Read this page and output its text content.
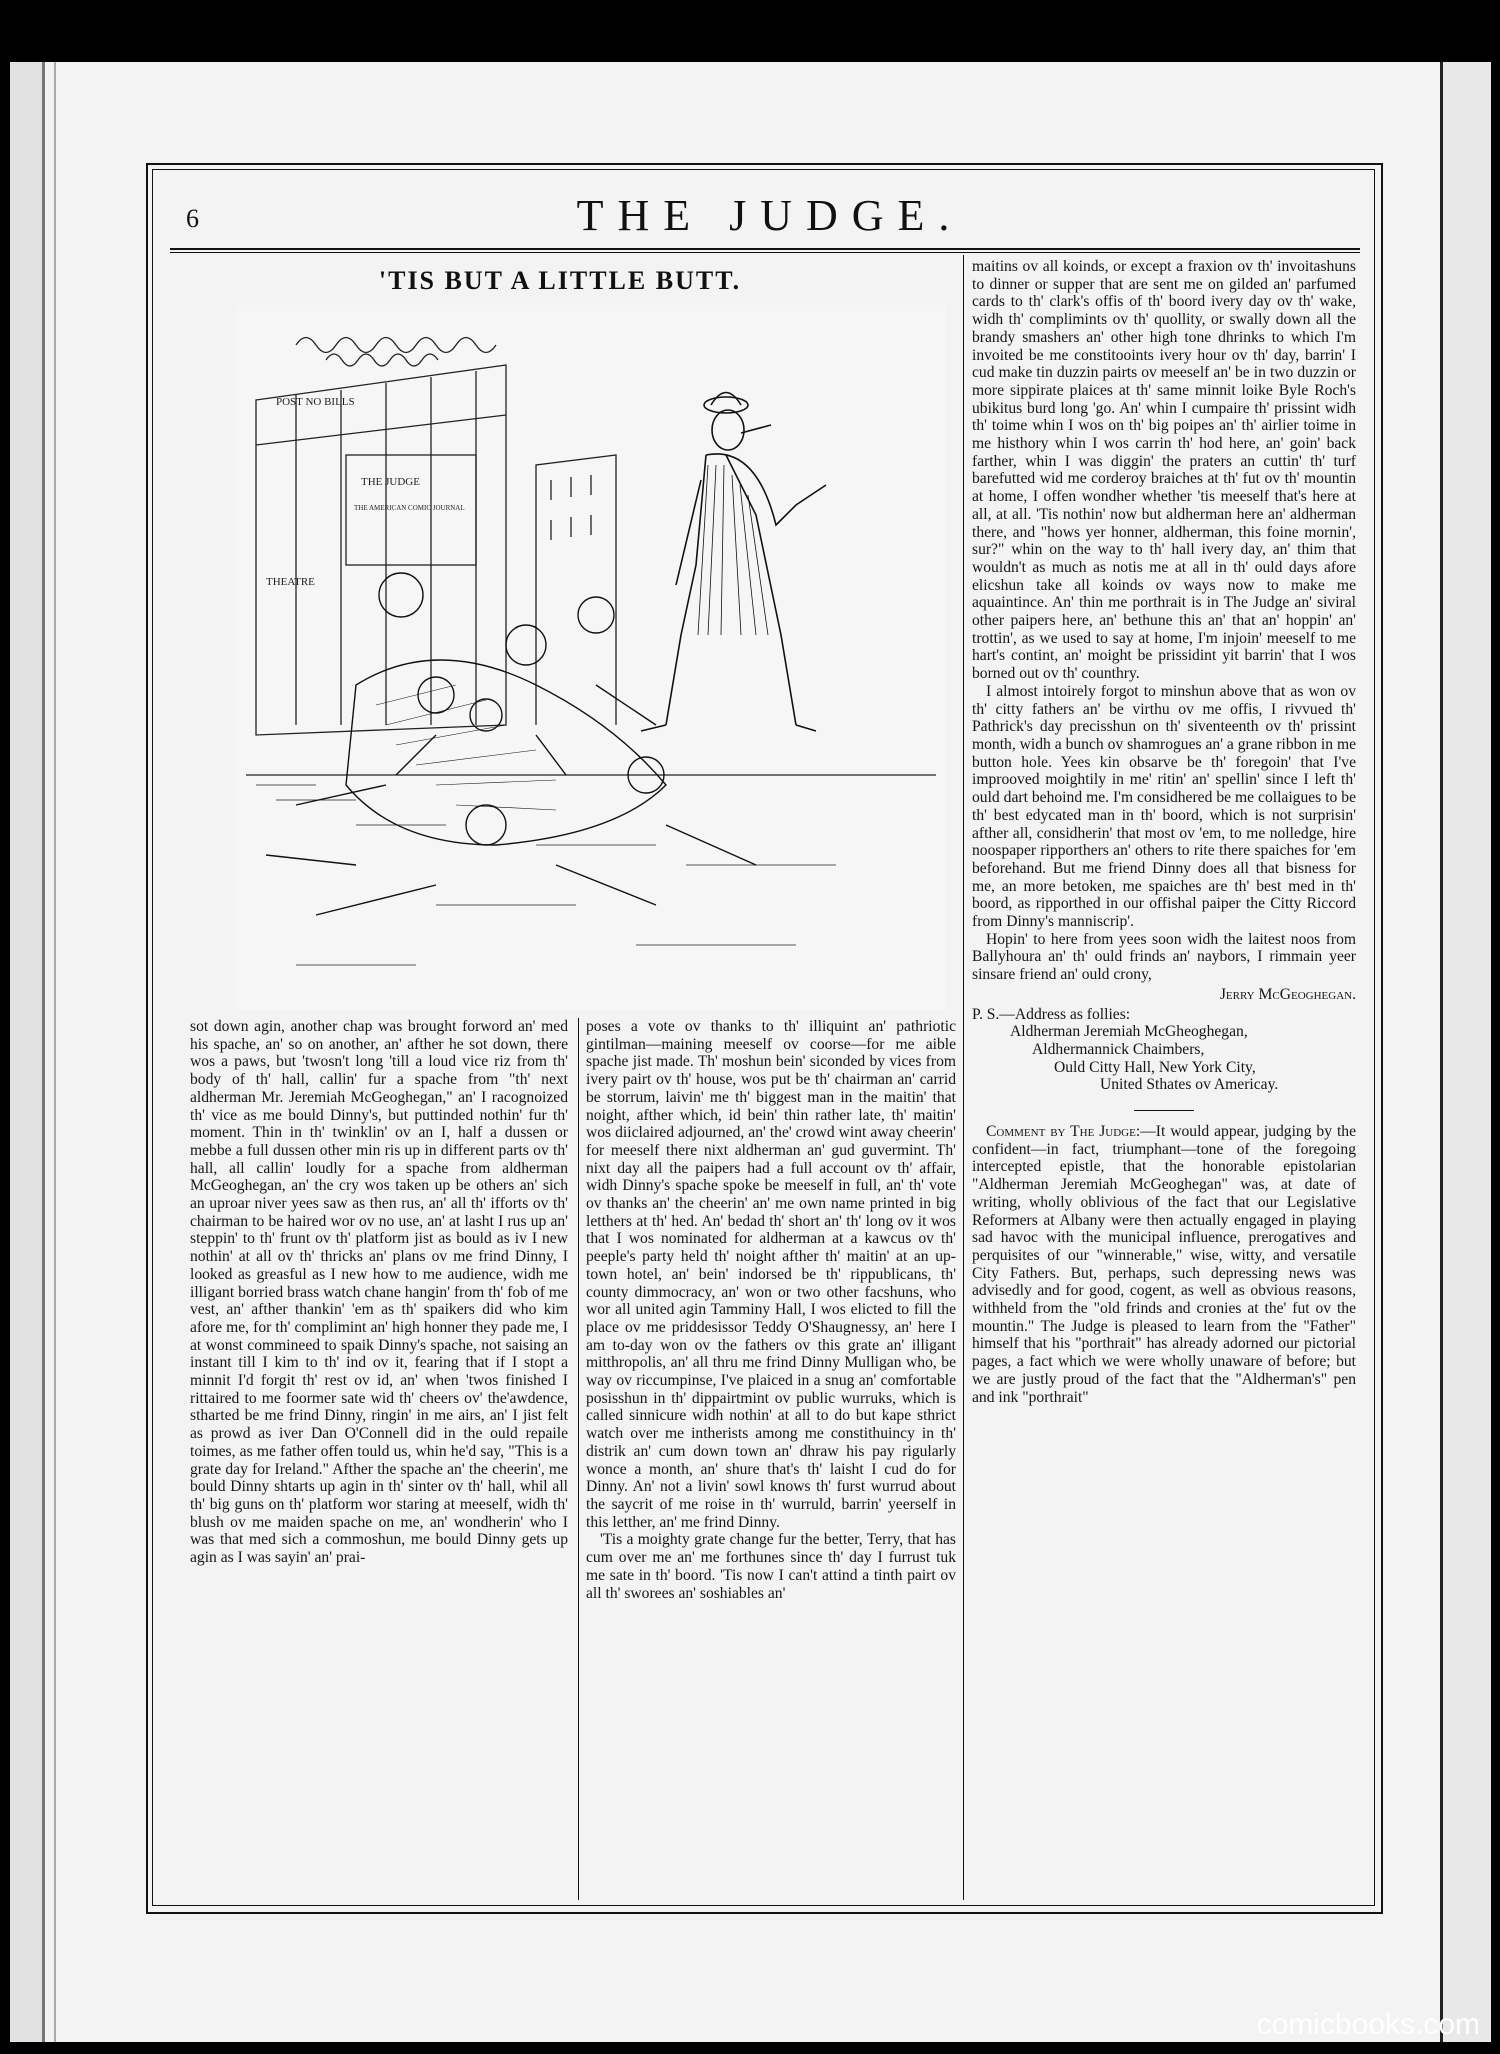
6	THE JUDGE.
'TIS BUT A LITTLE BUTT.
POST NO BILLS
THE JUDGE
THE AMERICAN COMIC JOURNAL
THEATRE

sot down agin, another chap was brought forword an' med his spache, an' so on another, an' afther he sot down, there wos a paws, but 'twosn't long 'till a loud vice riz from th' body of th' hall, callin' fur a spache from "th' next aldherman Mr. Jeremiah McGeoghegan," an' I racognoized th' vice as me bould Dinny's, but puttinded nothin' fur th' moment. Thin in th' twinklin' ov an I, half a dussen or mebbe a full dussen other min ris up in different parts ov th' hall, all callin' loudly for a spache from aldherman McGeoghegan, an' the cry wos taken up be others an' sich an uproar niver yees saw as then rus, an' all th' ifforts ov th' chairman to be haired wor ov no use, an' at lasht I rus up an' steppin' to th' frunt ov th' platform jist as bould as iv I new nothin' at all ov th' thricks an' plans ov me frind Dinny, I looked as greasful as I new how to me audience, widh me illigant borried brass watch chane hangin' from th' fob of me vest, an' afther thankin' 'em as th' spaikers did who kim afore me, for th' complimint an' high honner they pade me, I at wonst commineed to spaik Dinny's spache, not saising an instant till I kim to th' ind ov it, fearing that if I stopt a minnit I'd forgit th' rest ov id, an' when 'twos finished I rittaired to me foormer sate wid th' cheers ov' the'awdence, stharted be me frind Dinny, ringin' in me airs, an' I jist felt as prowd as iver Dan O'Connell did in the ould repaile toimes, as me father offen tould us, whin he'd say, "This is a grate day for Ireland." Afther the spache an' the cheerin', me bould Dinny shtarts up agin in th' sinter ov th' hall, whil all th' big guns on th' platform wor staring at meeself, widh th' blush ov me maiden spache on me, an' wondherin' who I was that med sich a commoshun, me bould Dinny gets up agin as I was sayin' an' prai-

poses a vote ov thanks to th' illiquint an' pathriotic gintilman—maining meeself ov coorse—for me aible spache jist made. Th' moshun bein' siconded by vices from ivery pairt ov th' house, wos put be th' chairman an' carrid be storrum, laivin' me th' biggest man in the maitin' that noight, afther which, id bein' thin rather late, th' maitin' wos diiclaired adjourned, an' the' crowd wint away cheerin' for meeself there nixt aldherman an' gud guvermint. Th' nixt day all the paipers had a full account ov th' affair, widh Dinny's spache spoke be meeself in full, an' th' vote ov thanks an' the cheerin' an' me own name printed in big letthers at th' hed. An' bedad th' short an' th' long ov it wos that I wos nominated for aldherman at a kawcus ov th' peeple's party held th' noight afther th' maitin' at an up-town hotel, an' bein' indorsed be th' rippublicans, th' county dimmocracy, an' won or two other facshuns, who wor all united agin Tamminy Hall, I wos elicted to fill the place ov me priddesissor Teddy O'Shaugnessy, an' here I am to-day won ov the fathers ov this grate an' illigant mitthropolis, an' all thru me frind Dinny Mulligan who, be way ov riccumpinse, I've plaiced in a snug an' comfortable posisshun in th' dippairtmint ov public wurruks, which is called sinnicure widh nothin' at all to do but kape sthrict watch over me intherists among me constithuincy in th' distrik an' cum down town an' dhraw his pay rigularly wonce a month, an' shure that's th' laisht I cud do for Dinny. An' not a livin' sowl knows th' furst wurrud about the saycrit of me roise in th' wurruld, barrin' yeerself in this letther, an' me frind Dinny.

'Tis a moighty grate change fur the better, Terry, that has cum over me an' me forthunes since th' day I furrust tuk me sate in th' boord. 'Tis now I can't attind a tinth pairt ov all th' sworees an' soshiables an'

maitins ov all koinds, or except a fraxion ov th' invoitashuns to dinner or supper that are sent me on gilded an' parfumed cards to th' clark's offis of th' boord ivery day ov th' wake, widh th' complimints ov th' quollity, or swally down all the brandy smashers an' other high tone dhrinks to which I'm invoited be me constitooints ivery hour ov th' day, barrin' I cud make tin duzzin pairts ov meeself an' be in two duzzin or more sippirate plaices at th' same minnit loike Byle Roch's ubikitus burd long 'go. An' whin I cumpaire th' prissint widh th' toime whin I wos on th' big poipes an' th' airlier toime in me histhory whin I wos carrin th' hod here, an' goin' back farther, whin I was diggin' the praters an cuttin' th' turf barefutted wid me corderoy braiches at th' fut ov th' mountin at home, I offen wondher whether 'tis meeself that's here at all, at all. 'Tis nothin' now but aldherman here an' aldherman there, and "hows yer honner, aldherman, this foine mornin', sur?" whin on the way to th' hall ivery day, an' thim that wouldn't as much as notis me at all in th' ould days afore elicshun take all koinds ov ways now to make me aquaintince. An' thin me porthrait is in The Judge an' siviral other paipers here, an' bethune this an' that an' hoppin' an' trottin', as we used to say at home, I'm injoin' meeself to me hart's contint, an' moight be prissidint yit barrin' that I wos borned out ov th' counthry.

I almost intoirely forgot to minshun above that as won ov th' citty fathers an' be virthu ov me offis, I rivvued th' Pathrick's day precisshun on th' siventeenth ov th' prissint month, widh a bunch ov shamrogues an' a grane ribbon in me button hole. Yees kin obsarve be th' foregoin' that I've improoved moightily in me' ritin' an' spellin' since I left th' ould dart behoind me. I'm considhered be me collaigues to be th' best edycated man in th' boord, which is not surprisin' afther all, considherin' that most ov 'em, to me nolledge, hire noospaper ripporthers an' others to rite there spaiches for 'em beforehand. But me friend Dinny does all that bisness for me, an more betoken, me spaiches are th' best med in th' boord, as ripporthed in our offishal paiper the Citty Riccord from Dinny's manniscrip'.

Hopin' to here from yees soon widh the laitest noos from Ballyhoura an' th' ould frinds an' naybors, I rimmain yeer sinsare friend an' ould crony,

Jerry McGeoghegan.

P. S.—Address as follies:

Aldherman Jeremiah McGheoghegan,
Aldhermannick Chaimbers,
Ould Citty Hall, New York City,
United Sthates ov Americay.

Comment by The Judge:—It would appear, judging by the confident—in fact, triumphant—tone of the foregoing intercepted epistle, that the honorable epistolarian "Aldherman Jeremiah McGeoghegan" was, at date of writing, wholly oblivious of the fact that our Legislative Reformers at Albany were then actually engaged in playing sad havoc with the municipal influence, prerogatives and perquisites of our "winnerable," wise, witty, and versatile City Fathers. But, perhaps, such depressing news was advisedly and for good, cogent, as well as obvious reasons, withheld from the "old frinds and cronies at the' fut ov the mountin." The Judge is pleased to learn from the "Father" himself that his "porthrait" has already adorned our pictorial pages, a fact which we were wholly unaware of before; but we are justly proud of the fact that the "Aldherman's" pen and ink "porthrait"

comicbooks.com
